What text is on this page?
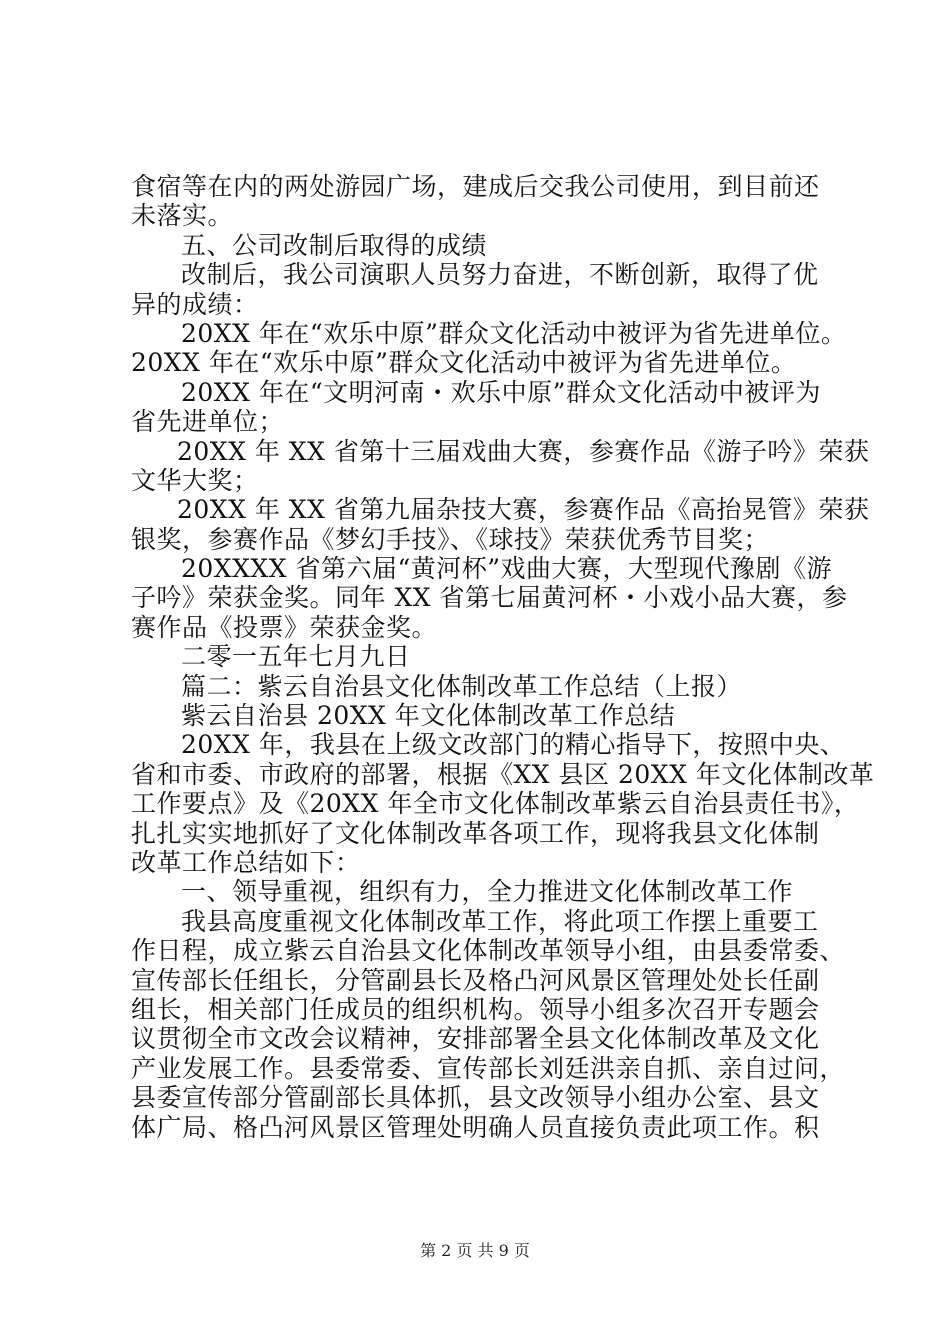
食宿等在内的两处游园广场，建成后交我公司使用，到目前还
未落实。
五、公司改制后取得的成绩
改制后，我公司演职人员努力奋进，不断创新，取得了优
异的成绩：
20XX 年在“欢乐中原”群众文化活动中被评为省先进单位。
20XX 年在“欢乐中原”群众文化活动中被评为省先进单位。
20XX 年在“文明河南・欢乐中原”群众文化活动中被评为
省先进单位；
20XX 年 XX 省第十三届戏曲大赛，参赛作品《游子吟》荣获
文华大奖；
20XX 年 XX 省第九届杂技大赛，参赛作品《高抬晃管》荣获
银奖，参赛作品《梦幻手技》、《球技》荣获优秀节目奖；
20XXXX 省第六届“黄河杯”戏曲大赛，大型现代豫剧《游
子吟》荣获金奖。同年 XX 省第七届黄河杯・小戏小品大赛，参
赛作品《投票》荣获金奖。
二零一五年七月九日
篇二：紫云自治县文化体制改革工作总结（上报）
紫云自治县 20XX 年文化体制改革工作总结
20XX 年，我县在上级文改部门的精心指导下，按照中央、
省和市委、市政府的部署，根据《XX 县区 20XX 年文化体制改革
工作要点》及《20XX 年全市文化体制改革紫云自治县责任书》，
扎扎实实地抓好了文化体制改革各项工作，现将我县文化体制
改革工作总结如下：
一、领导重视，组织有力，全力推进文化体制改革工作
我县高度重视文化体制改革工作，将此项工作摆上重要工
作日程，成立紫云自治县文化体制改革领导小组，由县委常委、
宣传部长任组长，分管副县长及格凸河风景区管理处处长任副
组长，相关部门任成员的组织机构。领导小组多次召开专题会
议贯彻全市文改会议精神，安排部署全县文化体制改革及文化
产业发展工作。县委常委、宣传部长刘廷洪亲自抓、亲自过问，
县委宣传部分管副部长具体抓，县文改领导小组办公室、县文
体广局、格凸河风景区管理处明确人员直接负责此项工作。积
第 2 页 共 9 页
